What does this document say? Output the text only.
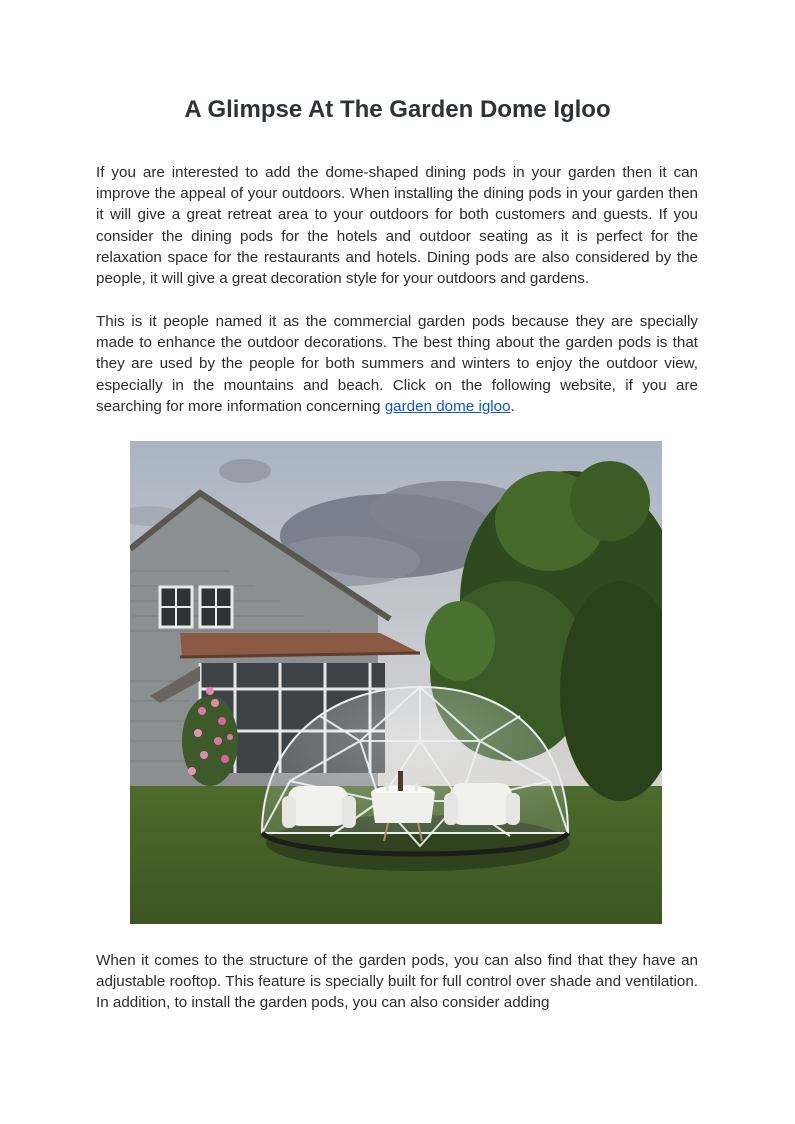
A Glimpse At The Garden Dome Igloo

If you are interested to add the dome-shaped dining pods in your garden then it can improve the appeal of your outdoors. When installing the dining pods in your garden then it will give a great retreat area to your outdoors for both customers and guests. If you consider the dining pods for the hotels and outdoor seating as it is perfect for the relaxation space for the restaurants and hotels. Dining pods are also considered by the people, it will give a great decoration style for your outdoors and gardens.

This is it people named it as the commercial garden pods because they are specially made to enhance the outdoor decorations. The best thing about the garden pods is that they are used by the people for both summers and winters to enjoy the outdoor view, especially in the mountains and beach. Click on the following website, if you are searching for more information concerning garden dome igloo.

When it comes to the structure of the garden pods, you can also find that they have an adjustable rooftop. This feature is specially built for full control over shade and ventilation. In addition, to install the garden pods, you can also consider adding
